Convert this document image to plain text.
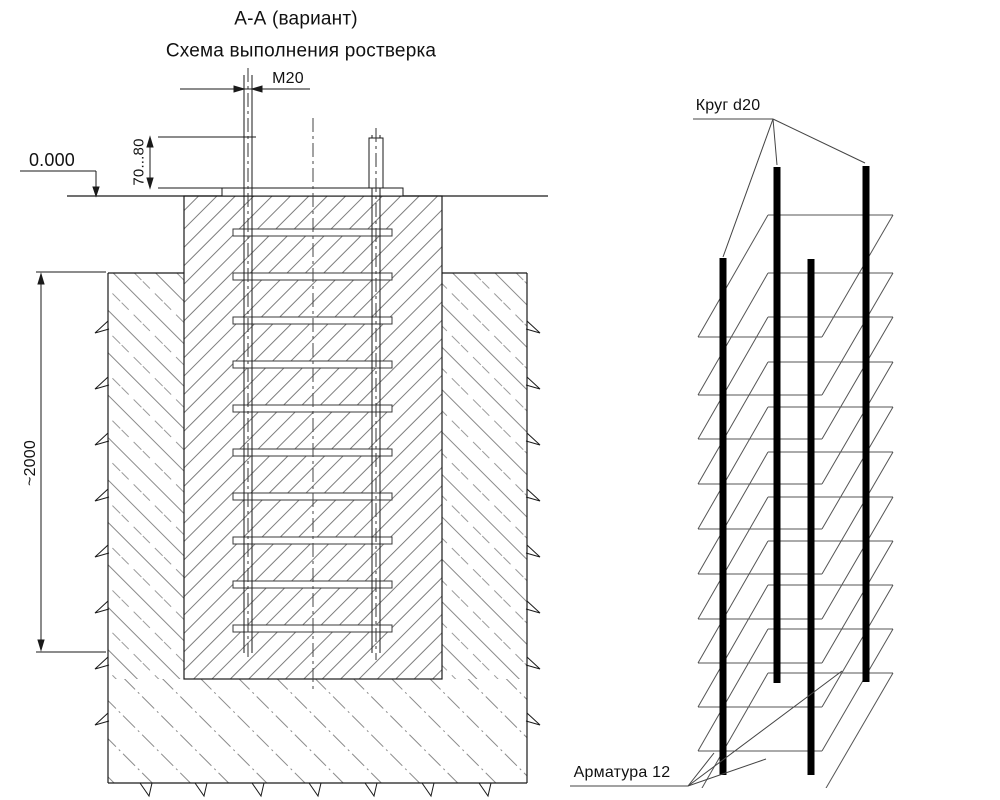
А-А (вариант)
Схема выполнения ростверка
M20
0.000	70...80
~2000
Круг d20
Арматура 12
